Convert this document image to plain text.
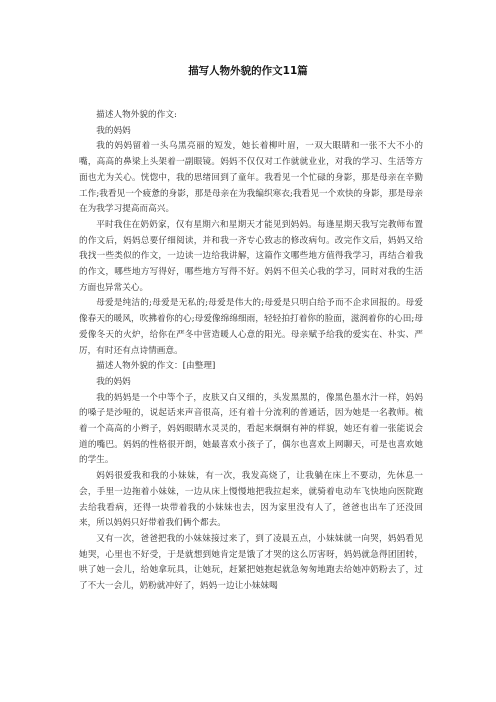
描写人物外貌的作文11篇

描述人物外貌的作文:

我的妈妈

我的妈妈留着一头乌黑亮丽的短发，她长着柳叶眉，一双大眼睛和一张不大不小的嘴，高高的鼻梁上头架着一副眼镜。妈妈不仅仅对工作就就业业，对我的学习、生活等方面也尤为关心。恍惚中，我的思绪回到了童年。我看见一个忙碌的身影，那是母亲在辛勤工作;我看见一个疲惫的身影，那是母亲在为我编织寒衣;我看见一个欢快的身影，那是母亲在为我学习提高而高兴。

平时我住在奶奶家，仅有星期六和星期天才能见到妈妈。每逢星期天我写完教师布置的作文后，妈妈总要仔细阅读，并和我一齐专心致志的修改病句。改完作文后，妈妈又给我找一些类似的作文，一边读一边给我讲解，这篇作文哪些地方值得我学习，再结合着我的作文，哪些地方写得好，哪些地方写得不好。妈妈不但关心我的学习，同时对我的生活方面也异常关心。

母爱是纯洁的;母爱是无私的;母爱是伟大的;母爱是只明白给予而不企求回报的。母爱像春天的暖风，吹拂着你的心;母爱像绵绵细雨，轻轻拍打着你的脸面，滋润着你的心田;母爱像冬天的火炉，给你在严冬中营造暖人心意的阳光。母亲赋予给我的爱实在、朴实、严厉，有时还有点诗情画意。

描述人物外貌的作文：[由整理]

我的妈妈

我的妈妈是一个中等个子，皮肤又白又细的，头发黑黑的，像黑色墨水汁一样，妈妈的嗓子是沙哑的，说起话来声音很高，还有着十分流利的普通话，因为她是一名教师。梳着一个高高的小辫子，妈妈眼睛水灵灵的，看起来炯炯有神的样貌，她还有着一张能说会道的嘴巴。妈妈的性格很开朗，她最喜欢小孩子了，偶尔也喜欢上网聊天，可是也喜欢她的学生。

妈妈很爱我和我的小妹妹，有一次，我发高烧了，让我躺在床上不要动，先休息一会，手里一边拖着小妹妹，一边从床上慢慢地把我拉起来，就骑着电动车飞快地向医院跑去给我看病，还得一块带着我的小妹妹也去，因为家里没有人了，爸爸也出车了还没回来，所以妈妈只好带着我们俩个都去。

又有一次，爸爸把我的小妹妹接过来了，到了凌晨五点，小妹妹就一向哭，妈妈看见她哭，心里也不好受，于是就想到她肯定是饿了才哭的这么厉害呀，妈妈就急得团团转，哄了她一会儿，给她拿玩具，让她玩，赶紧把她抱起就急匆匆地跑去给她冲奶粉去了，过了不大一会儿，奶粉就冲好了，妈妈一边让小妹妹喝
